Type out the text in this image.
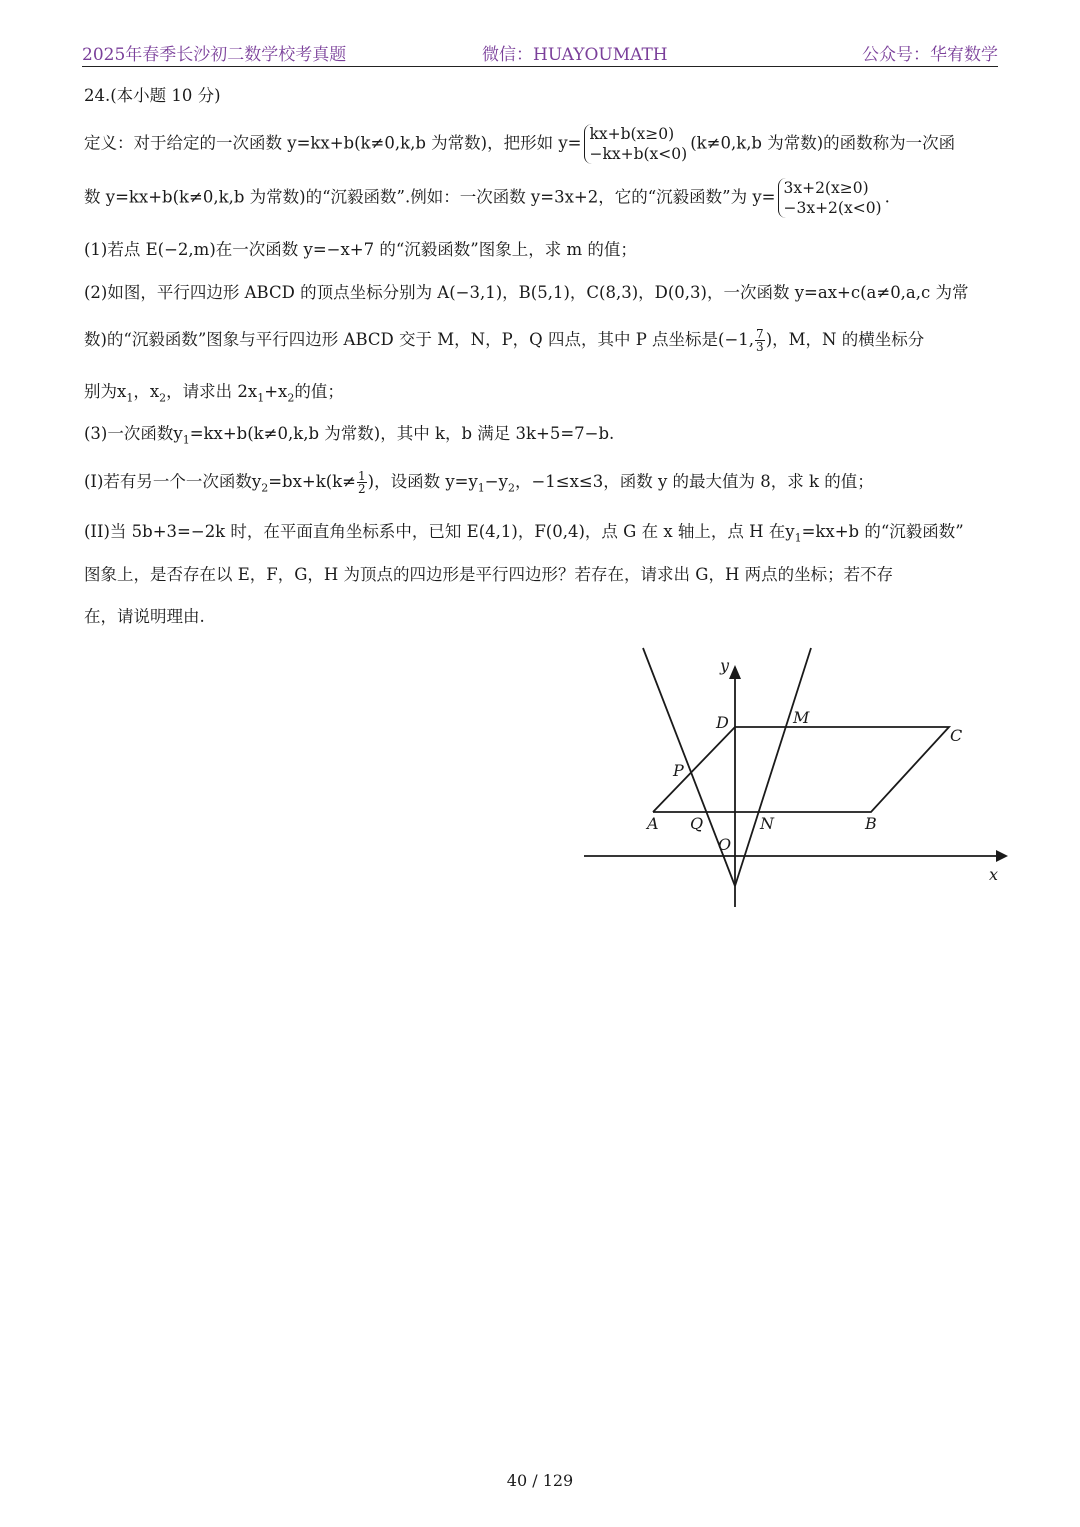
2025年春季长沙初二数学校考真题	微信：HUAYOUMATH	公众号：华宥数学
24.(本小题 10 分)
定义：对于给定的一次函数 y=kx+b(k≠0,k,b 为常数)，把形如 y= kx+b(x≥0)
−kx+b(x<0)
(k≠0,k,b 为常数)的函数称为一次函
数 y=kx+b(k≠0,k,b 为常数)的“沉毅函数”.例如：一次函数 y=3x+2，它的“沉毅函数”为 y= 3x+2(x≥0)
−3x+2(x<0)
.
(1)若点 E(−2,m)在一次函数 y=−x+7 的“沉毅函数”图象上，求 m 的值；
(2)如图，平行四边形 ABCD 的顶点坐标分别为 A(−3,1)，B(5,1)，C(8,3)，D(0,3)，一次函数 y=ax+c(a≠0,a,c 为常
数)的“沉毅函数”图象与平行四边形 ABCD 交于 M，N，P，Q 四点，其中 P 点坐标是(−1, $\frac{7}{3}$ )，M，N 的横坐标分
别为$x_1$，$x_2$，请求出 $2x_1+x_2$的值；
(3)一次函数$y_1=kx+b(k\ne 0,k,b$ 为常数)，其中 k，b 满足 3k+5=7−b.
(I)若有另一个一次函数$y_2=bx+k(k\ne \frac{1}{2}$ )，设函数 $y=y_1-y_2$，−1≤x≤3，函数 y 的最大值为 8，求 k 的值；
(II)当 5b+3=−2k 时，在平面直角坐标系中，已知 E(4,1)，F(0,4)，点 G 在 x 轴上，点 H 在$y_1=kx+b$ 的“沉毅函数”
图象上，是否存在以 E，F，G，H 为顶点的四边形是平行四边形？若存在，请求出 G，H 两点的坐标；若不存
在，请说明理由.
y
x
O
A	B
C
D	M
N
P
Q
40 / 129
